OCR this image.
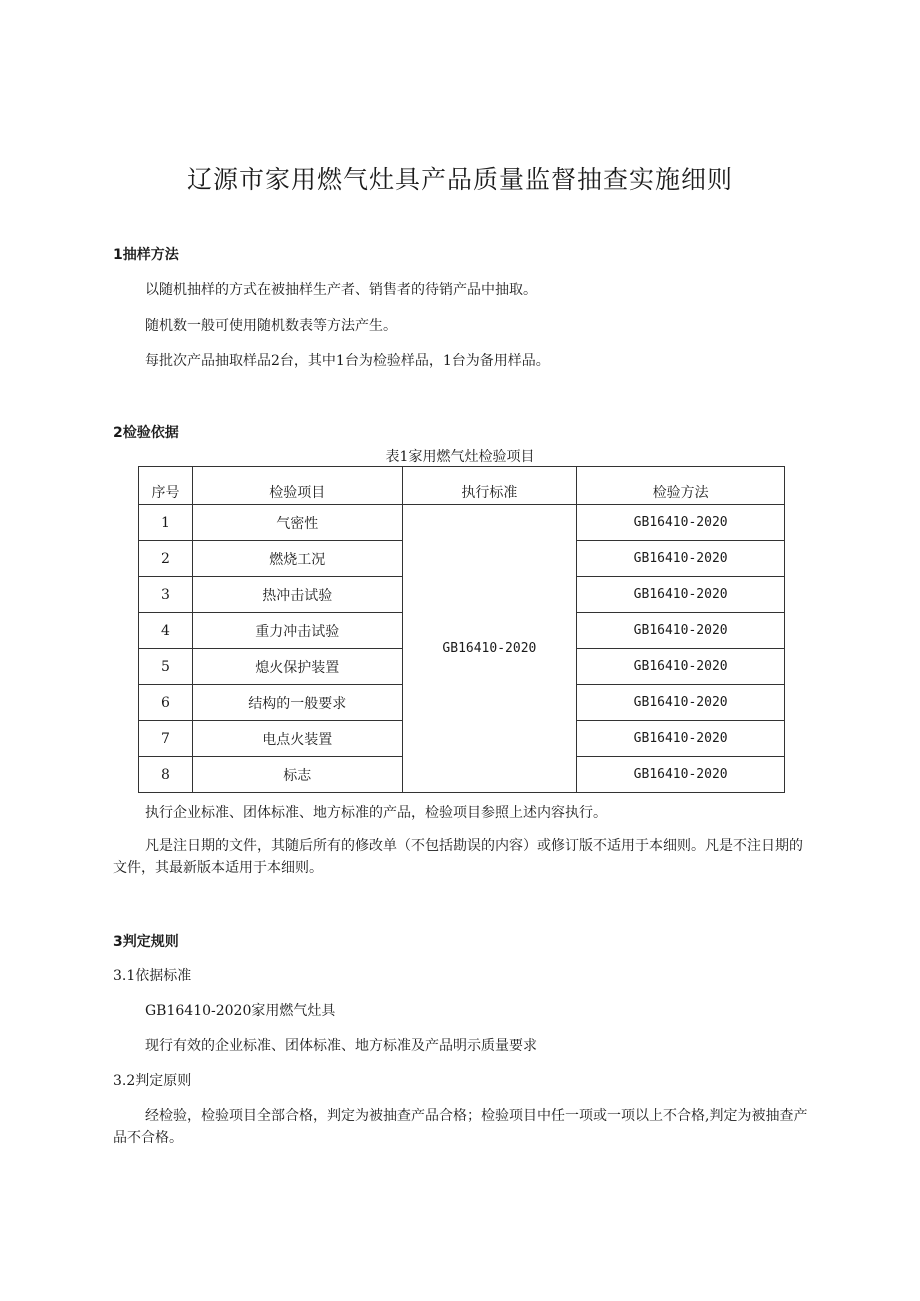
辽源市家用燃气灶具产品质量监督抽查实施细则
1抽样方法
以随机抽样的方式在被抽样生产者、销售者的待销产品中抽取。
随机数一般可使用随机数表等方法产生。
每批次产品抽取样品2台，其中1台为检验样品，1台为备用样品。
2检验依据
表1家用燃气灶检验项目
序号	检验项目	执行标准	检验方法
1	气密性	GB16410-2020	GB16410-2020
2	燃烧工况		GB16410-2020
3	热冲击试验		GB16410-2020
4	重力冲击试验		GB16410-2020
5	熄火保护装置		GB16410-2020
6	结构的一般要求		GB16410-2020
7	电点火装置		GB16410-2020
8	标志		GB16410-2020
执行企业标准、团体标准、地方标准的产品，检验项目参照上述内容执行。
凡是注日期的文件，其随后所有的修改单（不包括勘误的内容）或修订版不适用于本细则。凡是不注日期的文件，其最新版本适用于本细则。
3判定规则
3.1依据标准
GB16410-2020家用燃气灶具
现行有效的企业标准、团体标准、地方标准及产品明示质量要求
3.2判定原则
经检验，检验项目全部合格，判定为被抽查产品合格；检验项目中任一项或一项以上不合格,判定为被抽查产品不合格。
